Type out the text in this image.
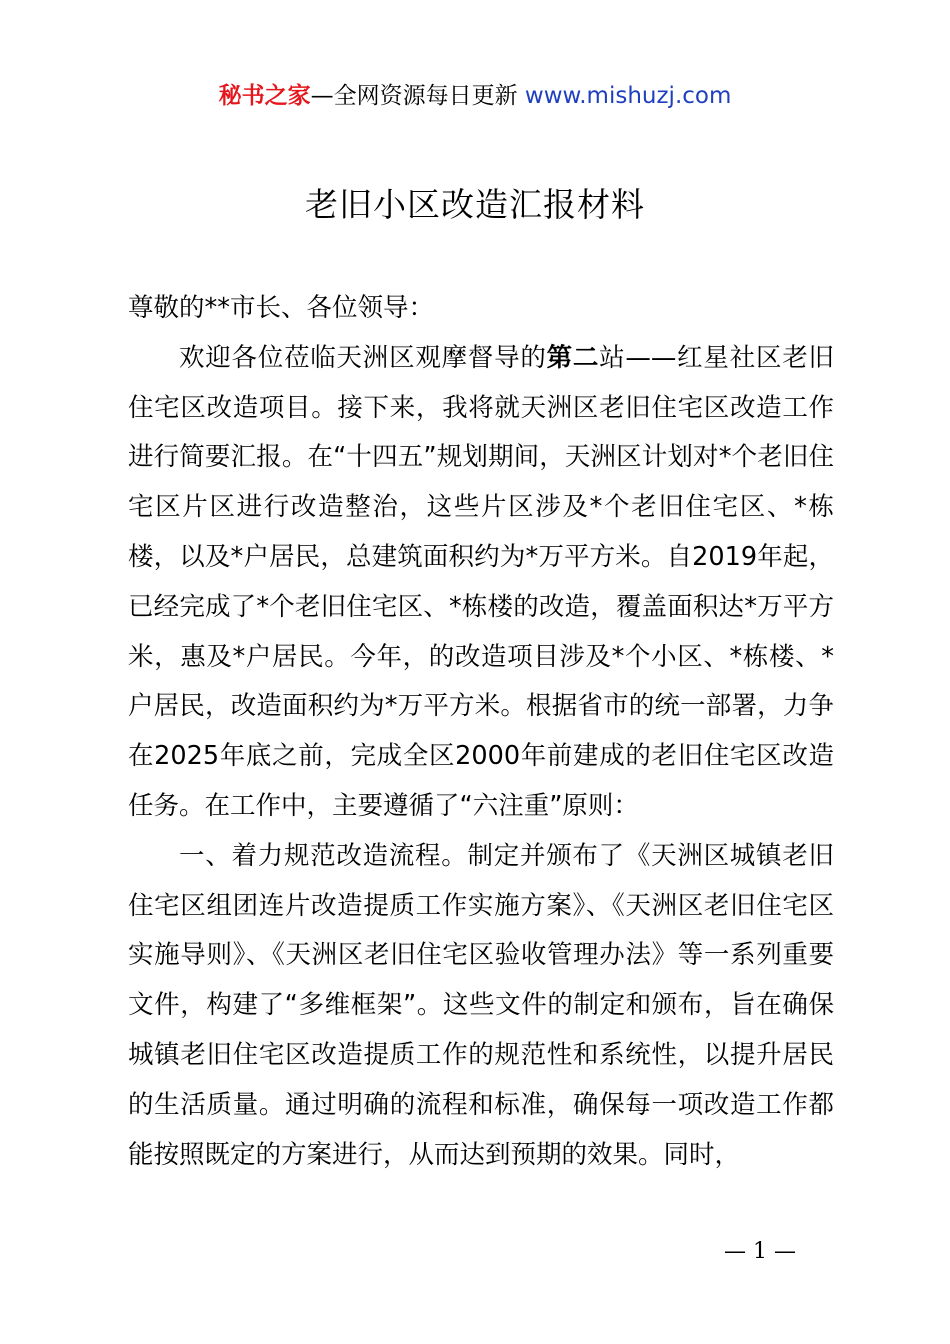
秘书之家—全网资源每日更新 www.mishuzj.com
老旧小区改造汇报材料

尊敬的**市长、各位领导：

欢迎各位莅临天洲区观摩督导的第二站——红星社区老旧住宅区改造项目。接下来，我将就天洲区老旧住宅区改造工作进行简要汇报。在“十四五”规划期间，天洲区计划对*个老旧住宅区片区进行改造整治，这些片区涉及*个老旧住宅区、*栋楼，以及*户居民，总建筑面积约为*万平方米。自2019年起，已经完成了*个老旧住宅区、*栋楼的改造，覆盖面积达*万平方米，惠及*户居民。今年，的改造项目涉及*个小区、*栋楼、*户居民，改造面积约为*万平方米。根据省市的统一部署，力争在2025年底之前，完成全区2000年前建成的老旧住宅区改造任务。在工作中，主要遵循了“六注重”原则：

一、着力规范改造流程。制定并颁布了《天洲区城镇老旧住宅区组团连片改造提质工作实施方案》、《天洲区老旧住宅区实施导则》、《天洲区老旧住宅区验收管理办法》等一系列重要文件，构建了“多维框架”。这些文件的制定和颁布，旨在确保城镇老旧住宅区改造提质工作的规范性和系统性，以提升居民的生活质量。通过明确的流程和标准，确保每一项改造工作都能按照既定的方案进行，从而达到预期的效果。同时，

— 1 —
